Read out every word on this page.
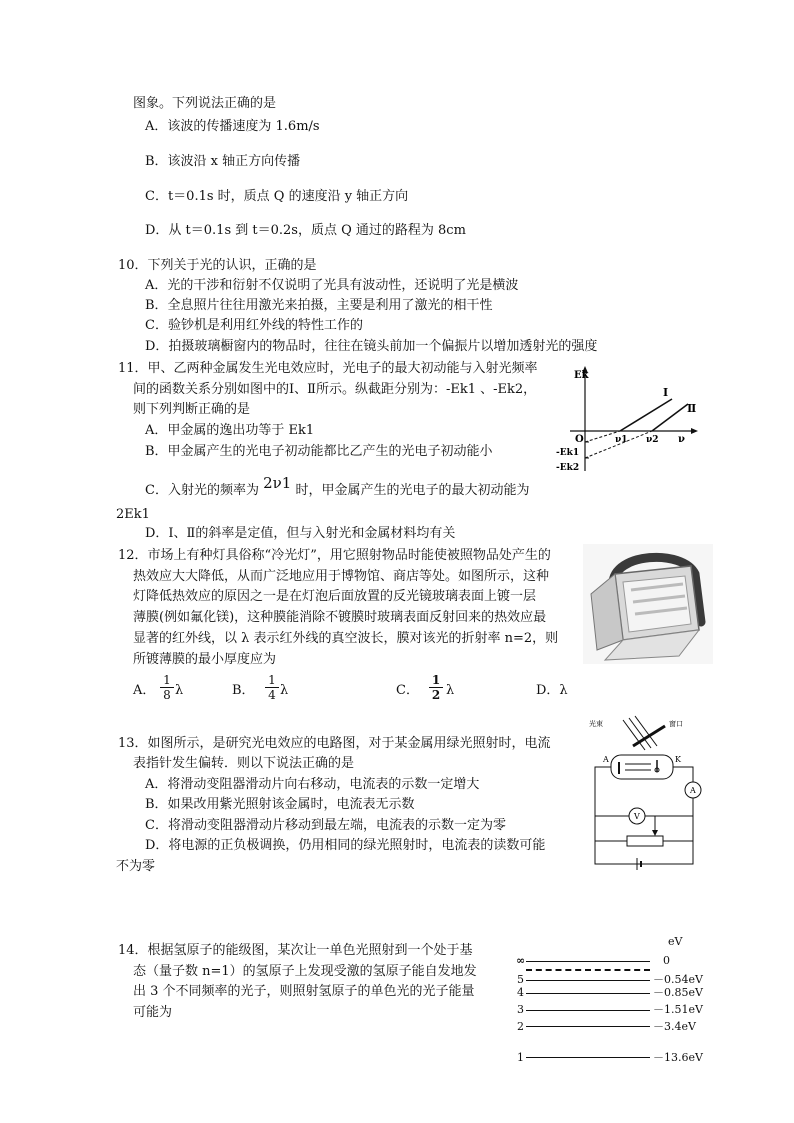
图象。下列说法正确的是
A．该波的传播速度为 1.6m/s
B．该波沿 x 轴正方向传播
C．t＝0.1s 时，质点 Q 的速度沿 y 轴正方向
D．从 t＝0.1s 到 t＝0.2s，质点 Q 通过的路程为 8cm
10．下列关于光的认识，正确的是
A．光的干涉和衍射不仅说明了光具有波动性，还说明了光是横波
B．全息照片往往用激光来拍摄，主要是利用了激光的相干性
C．验钞机是利用红外线的特性工作的
D．拍摄玻璃橱窗内的物品时，往往在镜头前加一个偏振片以增加透射光的强度
11．甲、乙两种金属发生光电效应时，光电子的最大初动能与入射光频率
间的函数关系分别如图中的Ⅰ、Ⅱ所示。纵截距分别为：-Ek1 、-Ek2，
则下列判断正确的是
A．甲金属的逸出功等于 Ek1
B．甲金属产生的光电子初动能都比乙产生的光电子初动能小
C．入射光的频率为 2ν1 时，甲金属产生的光电子的最大初动能为
2Ek1
D．Ⅰ、Ⅱ的斜率是定值，但与入射光和金属材料均有关
Ek
ν
O	ν1 ν2
Ⅰ
Ⅱ
-Ek1
-Ek2
12．市场上有种灯具俗称“冷光灯”，用它照射物品时能使被照物品处产生的
热效应大大降低，从而广泛地应用于博物馆、商店等处。如图所示，这种
灯降低热效应的原因之一是在灯泡后面放置的反光镜玻璃表面上镀一层
薄膜(例如氟化镁)，这种膜能消除不镀膜时玻璃表面反射回来的热效应最
显著的红外线，以 λ 表示红外线的真空波长，膜对该光的折射率 n=2，则
所镀薄膜的最小厚度应为
A． $\frac{1}{8}$ λ	B． $\frac{1}{4}$ λ	C． $\frac{1}{2}$ λ	D．λ
13．如图所示，是研究光电效应的电路图，对于某金属用绿光照射时，电流
表指针发生偏转．则以下说法正确的是
A．将滑动变阻器滑动片向右移动，电流表的示数一定增大
B．如果改用紫光照射该金属时，电流表无示数
C．将滑动变阻器滑动片移动到最左端，电流表的示数一定为零
D．将电源的正负极调换，仍用相同的绿光照射时，电流表的读数可能
不为零
光束	窗口
A	K
A
V
14．根据氢原子的能级图，某次让一单色光照射到一个处于基
态（量子数 n=1）的氢原子上发现受激的氢原子能自发地发
出 3 个不同频率的光子，则照射氢原子的单色光的光子能量
可能为
eV
∞	0
5	－0.54eV
4	－0.85eV
3	－1.51eV
2	－3.4eV
1	－13.6eV
